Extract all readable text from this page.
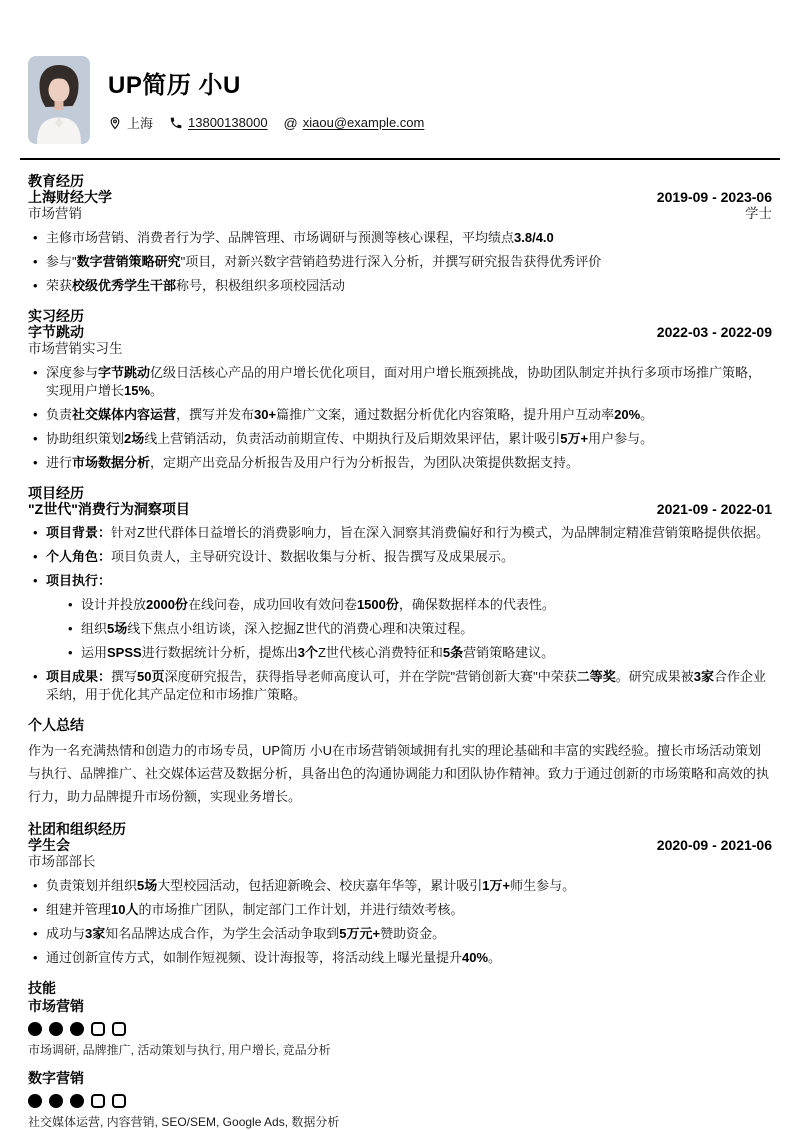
UP简历 小U
上海	13800138000 @ xiaou@example.com
教育经历
上海财经大学	2019-09 - 2023-06
市场营销	学士
• 主修市场营销、消费者行为学、品牌管理、市场调研与预测等核心课程，平均绩点3.8/4.0
• 参与"数字营销策略研究"项目，对新兴数字营销趋势进行深入分析，并撰写研究报告获得优秀评价
• 荣获校级优秀学生干部称号，积极组织多项校园活动
实习经历
字节跳动	2022-03 - 2022-09
市场营销实习生
• 深度参与字节跳动亿级日活核心产品的用户增长优化项目，面对用户增长瓶颈挑战，协助团队制定并执行多项市场推广策略，实现用户增长15%。
• 负责社交媒体内容运营，撰写并发布30+篇推广文案，通过数据分析优化内容策略，提升用户互动率20%。
• 协助组织策划2场线上营销活动，负责活动前期宣传、中期执行及后期效果评估，累计吸引5万+用户参与。
• 进行市场数据分析，定期产出竞品分析报告及用户行为分析报告，为团队决策提供数据支持。
项目经历
"Z世代"消费行为洞察项目	2021-09 - 2022-01
• 项目背景：针对Z世代群体日益增长的消费影响力，旨在深入洞察其消费偏好和行为模式，为品牌制定精准营销策略提供依据。
• 个人角色：项目负责人，主导研究设计、数据收集与分析、报告撰写及成果展示。
• 项目执行：
• 设计并投放2000份在线问卷，成功回收有效问卷1500份，确保数据样本的代表性。
• 组织5场线下焦点小组访谈，深入挖掘Z世代的消费心理和决策过程。
• 运用SPSS进行数据统计分析，提炼出3个Z世代核心消费特征和5条营销策略建议。
• 项目成果：撰写50页深度研究报告，获得指导老师高度认可，并在学院"营销创新大赛"中荣获二等奖。研究成果被3家合作企业采纳，用于优化其产品定位和市场推广策略。
个人总结

作为一名充满热情和创造力的市场专员，UP简历 小U在市场营销领域拥有扎实的理论基础和丰富的实践经验。擅长市场活动策划与执行、品牌推广、社交媒体运营及数据分析，具备出色的沟通协调能力和团队协作精神。致力于通过创新的市场策略和高效的执行力，助力品牌提升市场份额，实现业务增长。

社团和组织经历
学生会	2020-09 - 2021-06
市场部部长
• 负责策划并组织5场大型校园活动，包括迎新晚会、校庆嘉年华等，累计吸引1万+师生参与。
• 组建并管理10人的市场推广团队，制定部门工作计划，并进行绩效考核。
• 成功与3家知名品牌达成合作，为学生会活动争取到5万元+赞助资金。
• 通过创新宣传方式，如制作短视频、设计海报等，将活动线上曝光量提升40%。
技能
市场营销
市场调研, 品牌推广, 活动策划与执行, 用户增长, 竞品分析
数字营销
社交媒体运营, 内容营销, SEO/SEM, Google Ads, 数据分析
